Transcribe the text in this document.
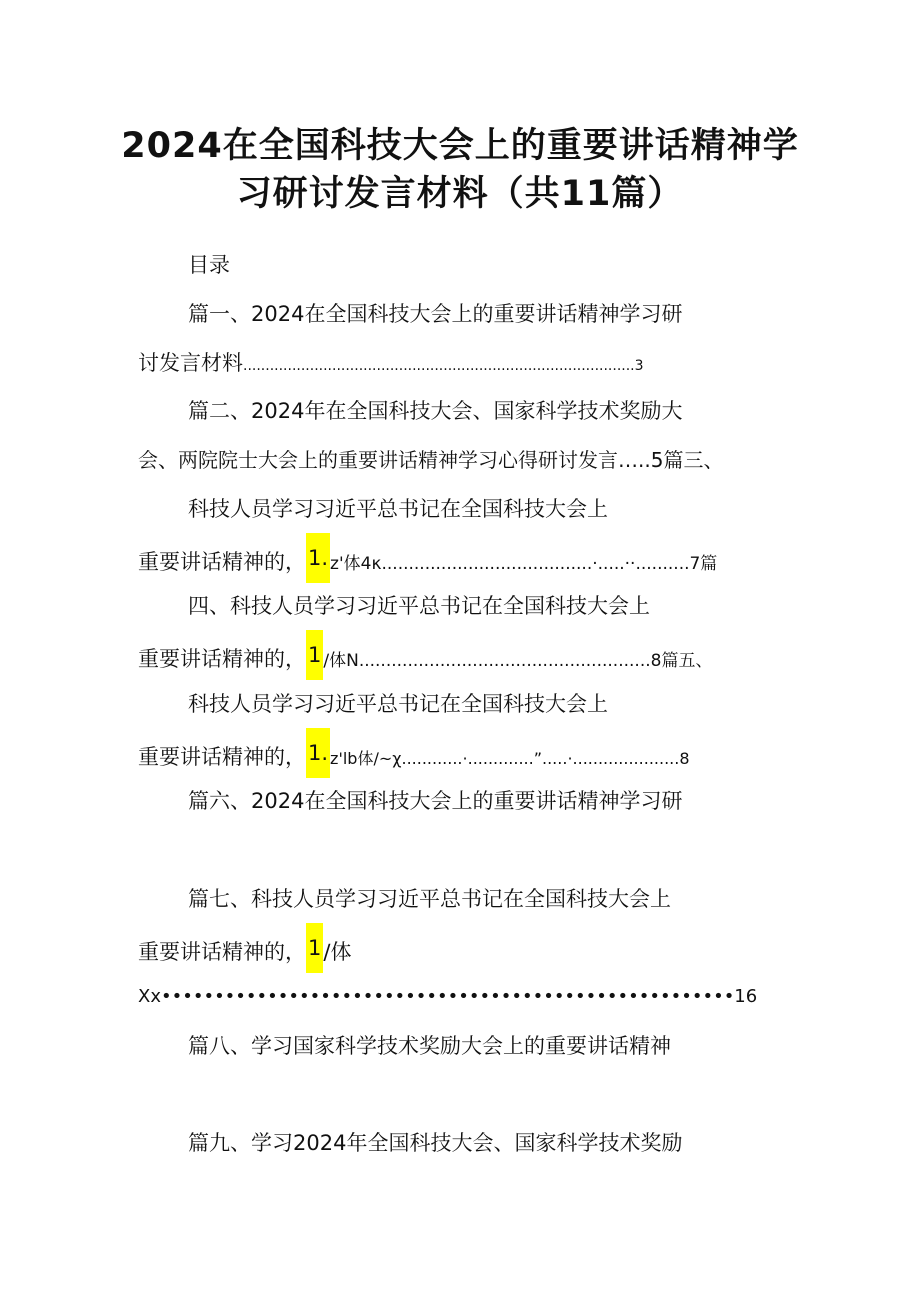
2024在全国科技大会上的重要讲话精神学
习研讨发言材料（共11篇）
目录
篇一、2024在全国科技大会上的重要讲话精神学习研
讨发言材料........................................................................................3
篇二、2024年在全国科技大会、国家科学技术奖励大
会、两院院士大会上的重要讲话精神学习心得研讨发言…..5篇三、
科技人员学习习近平总书记在全国科技大会上
重要讲话精神的，1. z'体4κ.......................................·.....··..........7篇
四、科技人员学习习近平总书记在全国科技大会上
重要讲话精神的，1 ∕体N......................................................8篇五、
科技人员学习习近平总书记在全国科技大会上
重要讲话精神的，1. z'lb体∕~χ............·.............”.....·.....................8
篇六、2024在全国科技大会上的重要讲话精神学习研
篇七、科技人员学习习近平总书记在全国科技大会上
重要讲话精神的，1∕体
Xx••••••••••••••••••••••••••••••••••••••••••••••••••••••16
篇八、学习国家科学技术奖励大会上的重要讲话精神
篇九、学习2024年全国科技大会、国家科学技术奖励
